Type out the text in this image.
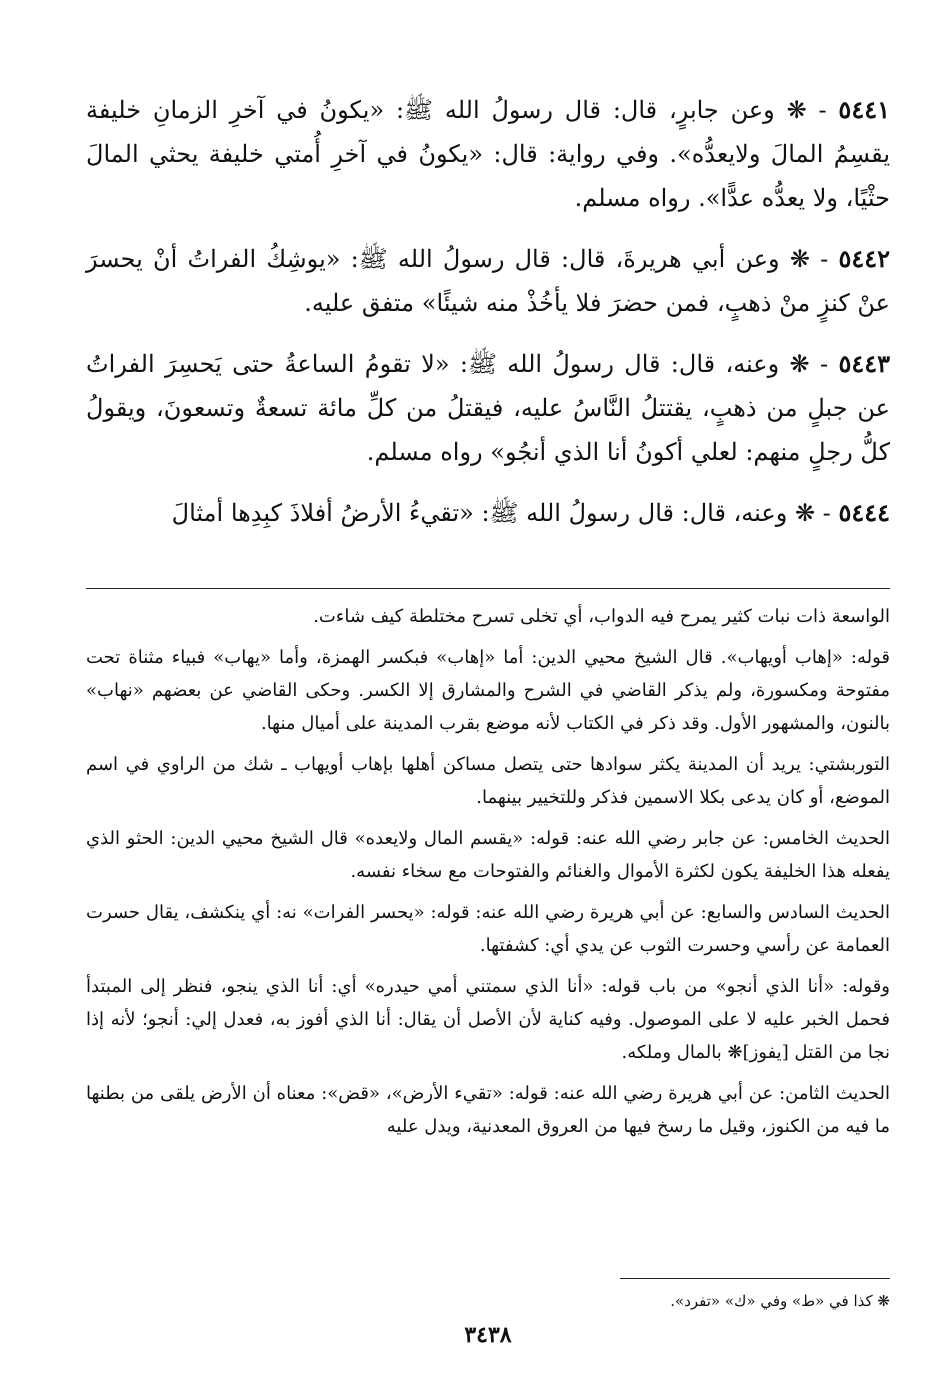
٥٤٤١ - ❋ وعن جابرٍ، قال: قال رسولُ الله ﷺ: «يكونُ في آخرِ الزمانِ خليفة يقسِمُ المالَ ولايعدُّه». وفي رواية: قال: «يكونُ في آخرِ أُمتي خليفة يحثي المالَ حثْيًا، ولا يعدُّه عدًّا». رواه مسلم.

٥٤٤٢ - ❋ وعن أبي هريرةَ، قال: قال رسولُ الله ﷺ: «يوشِكُ الفراتُ أنْ يحسرَ عنْ كنزٍ منْ ذهبٍ، فمن حضرَ فلا يأخُذْ منه شيئًا» متفق عليه.

٥٤٤٣ - ❋ وعنه، قال: قال رسولُ الله ﷺ: «لا تقومُ الساعةُ حتى يَحسِرَ الفراتُ عن جبلٍ من ذهبٍ، يقتتلُ النَّاسُ عليه، فيقتلُ من كلِّ مائة تسعةٌ وتسعونَ، ويقولُ كلُّ رجلٍ منهم: لعلي أكونُ أنا الذي أنجُو» رواه مسلم.

٥٤٤٤ - ❋ وعنه، قال: قال رسولُ الله ﷺ: «تقيءُ الأرضُ أفلاذَ كبِدِها أمثالَ

الواسعة ذات نبات كثير يمرح فيه الدواب، أي تخلى تسرح مختلطة كيف شاءت.

قوله: «إهاب أويهاب». قال الشيخ محيي الدين: أما «إهاب» فبكسر الهمزة، وأما «يهاب» فبياء مثناة تحت مفتوحة ومكسورة، ولم يذكر القاضي في الشرح والمشارق إلا الكسر. وحكى القاضي عن بعضهم «نهاب» بالنون، والمشهور الأول. وقد ذكر في الكتاب لأنه موضع بقرب المدينة على أميال منها.

التوربشتي: يريد أن المدينة يكثر سوادها حتى يتصل مساكن أهلها بإهاب أويهاب ـ شك من الراوي في اسم الموضع، أو كان يدعى بكلا الاسمين فذكر وللتخيير بينهما.

الحديث الخامس: عن جابر رضي الله عنه: قوله: «يقسم المال ولايعده» قال الشيخ محيي الدين: الحثو الذي يفعله هذا الخليفة يكون لكثرة الأموال والغنائم والفتوحات مع سخاء نفسه.

الحديث السادس والسابع: عن أبي هريرة رضي الله عنه: قوله: «يحسر الفرات» نه: أي ينكشف، يقال حسرت العمامة عن رأسي وحسرت الثوب عن يدي أي: كشفتها.

وقوله: «أنا الذي أنجو» من باب قوله: «أنا الذي سمتني أمي حيدره» أي: أنا الذي ينجو، فنظر إلى المبتدأ فحمل الخبر عليه لا على الموصول. وفيه كناية لأن الأصل أن يقال: أنا الذي أفوز به، فعدل إلي: أنجو؛ لأنه إذا نجا من القتل [يفوز]❋ بالمال وملكه.

الحديث الثامن: عن أبي هريرة رضي الله عنه: قوله: «تقيء الأرض»، «قض»: معناه أن الأرض يلقى من بطنها ما فيه من الكنوز، وقيل ما رسخ فيها من العروق المعدنية، ويدل عليه

❋ كذا في «ط» وفي «ك» «تفرد».
٣٤٣٨
